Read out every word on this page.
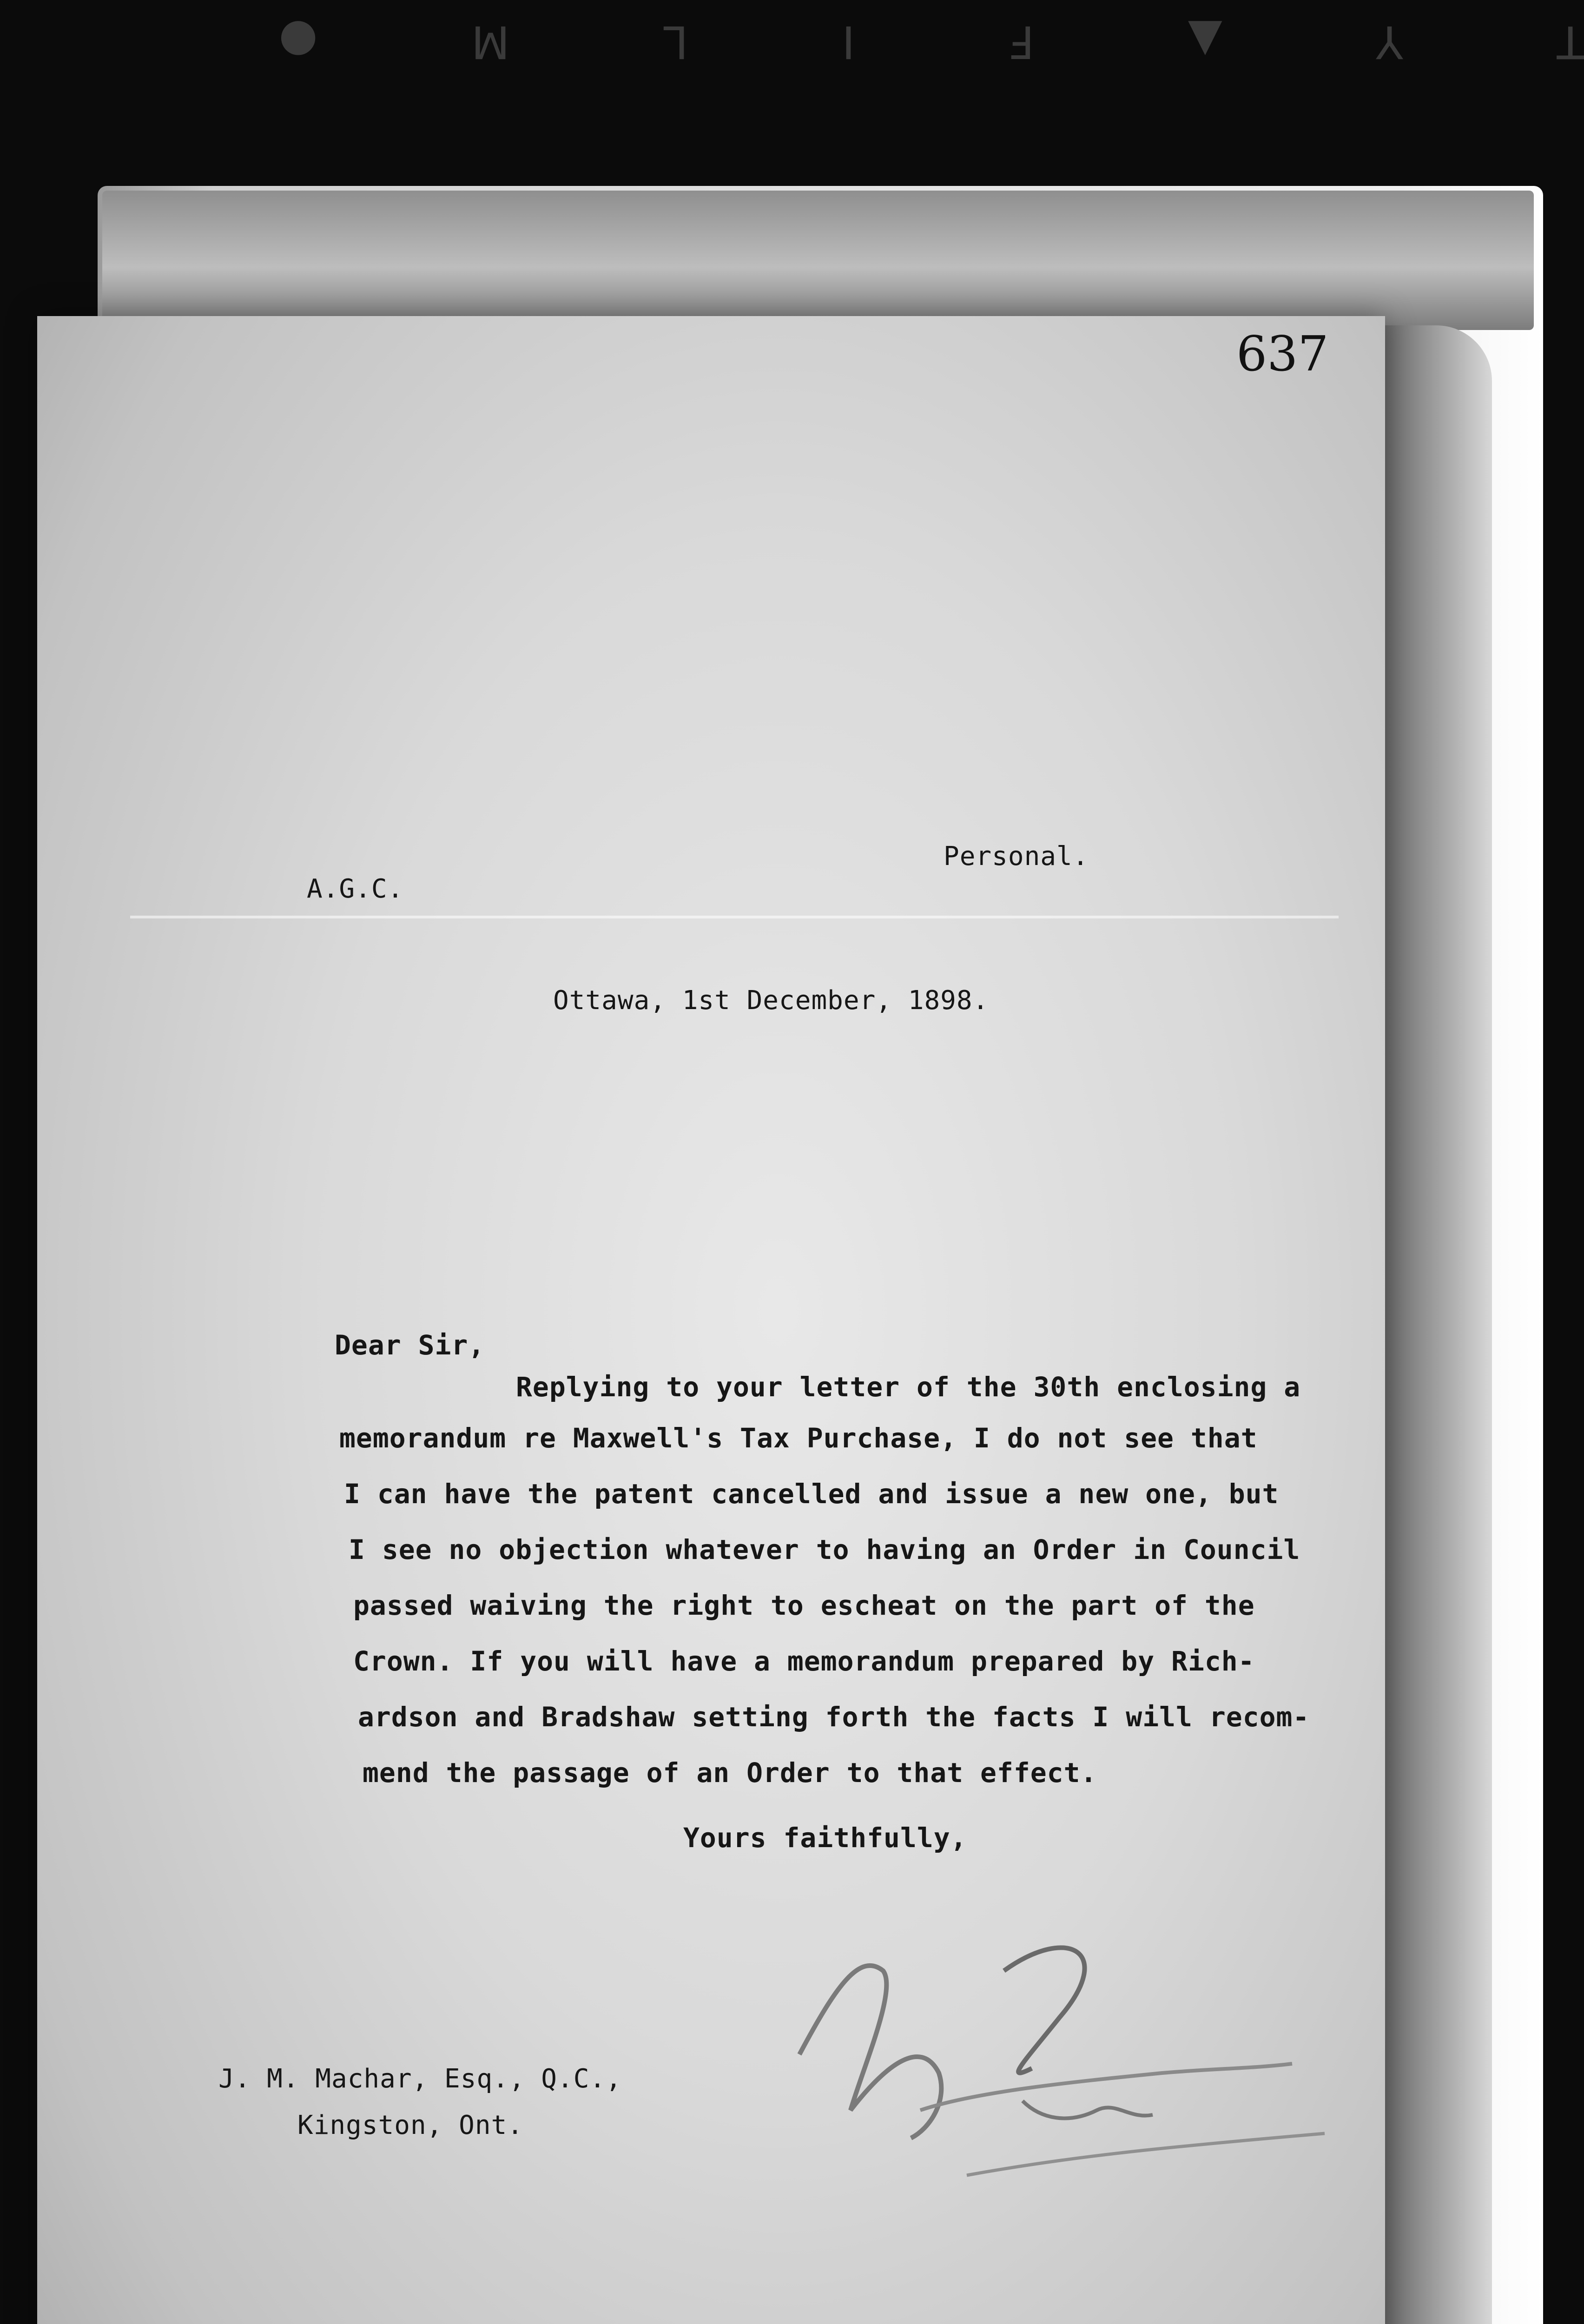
T Y ▲ F I L M ●
637
Personal.
A.G.C.
Ottawa, 1st December, 1898.
Dear Sir,
Replying to your letter of the 30th enclosing a
memorandum re Maxwell's Tax Purchase, I do not see that
I can have the patent cancelled and issue a new one, but
I see no objection whatever to having an Order in Council
passed waiving the right to escheat on the part of the
Crown. If you will have a memorandum prepared by Rich-
ardson and Bradshaw setting forth the facts I will recom-
mend the passage of an Order to that effect.
Yours faithfully,
J. M. Machar, Esq., Q.C.,
Kingston, Ont.
